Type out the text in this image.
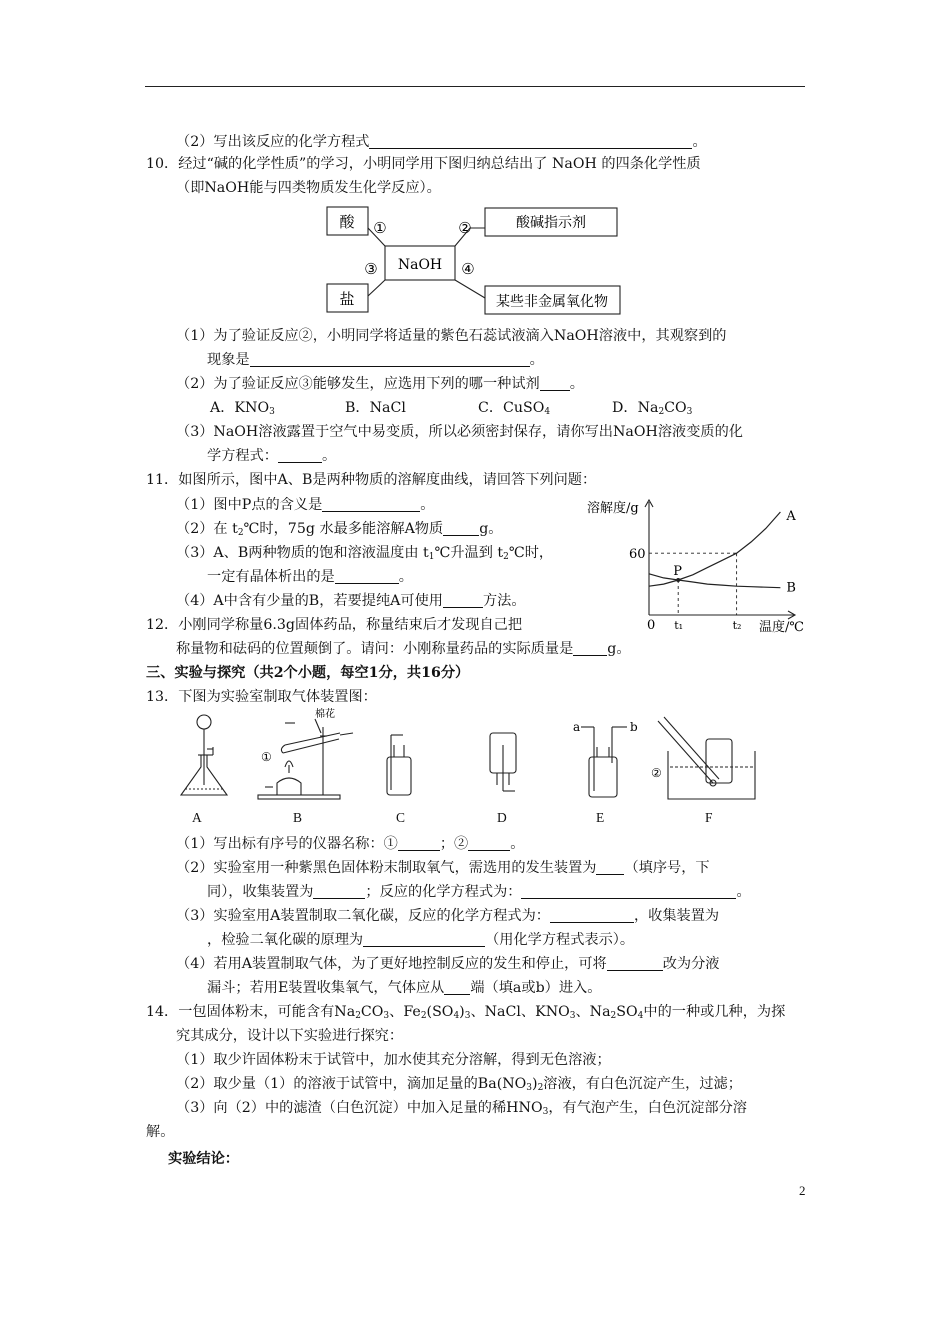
（2）写出该反应的化学方程式	。
10．经过“碱的化学性质”的学习，小明同学用下图归纳总结出了 NaOH 的四条化学性质
（即NaOH能与四类物质发生化学反应）。
酸	酸碱指示剂
NaOH
盐	某些非金属氧化物
①	②
③	④
（1）为了验证反应②，小明同学将适量的紫色石蕊试液滴入NaOH溶液中，其观察到的
现象是	。
（2）为了验证反应③能够发生，应选用下列的哪一种试剂 。
A．$KNO_3$	B．NaCl	C．CuSO$_4$	D．$Na_2CO_3$
（3）NaOH溶液露置于空气中易变质，所以必须密封保存，请你写出NaOH溶液变质的化
学方程式：	。
11．如图所示，图中A、B是两种物质的溶解度曲线，请回答下列问题：
（1）图中P点的含义是	。
（2）在 $t_2℃$时，75g 水最多能溶解A物质	g。
（3）A、B两种物质的饱和溶液温度由 $t_1℃$升温到 $t_2℃$时，
一定有晶体析出的是	。
（4）A中含有少量的B，若要提纯A可使用	方法。
A
B
P
60
0 t₁	t₂
溶解度/g
温度/℃
12．小刚同学称量6.3g固体药品，称量结束后才发现自己把
称量物和砝码的位置颠倒了。请问：小刚称量药品的实际质量是 g。
三、实验与探究（共2个小题，每空1分，共16分）
13．下图为实验室制取气体装置图：
棉花
①
a	b
②
A	B	C	D	E	F
（1）写出标有序号的仪器名称：①	；②	。
（2）实验室用一种紫黑色固体粉末制取氧气，需选用的发生装置为 （填序号，下
同），收集装置为	；反应的化学方程式为：	。
（3）实验室用A装置制取二氧化碳，反应的化学方程式为：	，收集装置为
，检验二氧化碳的原理为	（用化学方程式表示）。
（4）若用A装置制取气体，为了更好地控制反应的发生和停止，可将	改为分液
漏斗；若用E装置收集氧气，气体应从 端（填a或b）进入。
14．一包固体粉末，可能含有$Na_2CO_3$、$Fe_2(SO_4)_3$、NaCl、$KNO_3$、$Na_2SO_4$中的一种或几种，为探
究其成分，设计以下实验进行探究：
（1）取少许固体粉末于试管中，加水使其充分溶解，得到无色溶液；
（2）取少量（1）的溶液于试管中，滴加足量的$Ba(NO_3)_2$溶液，有白色沉淀产生，过滤；
（3）向（2）中的滤渣（白色沉淀）中加入足量的稀$HNO_3$，有气泡产生，白色沉淀部分溶
解。
实验结论：
2
